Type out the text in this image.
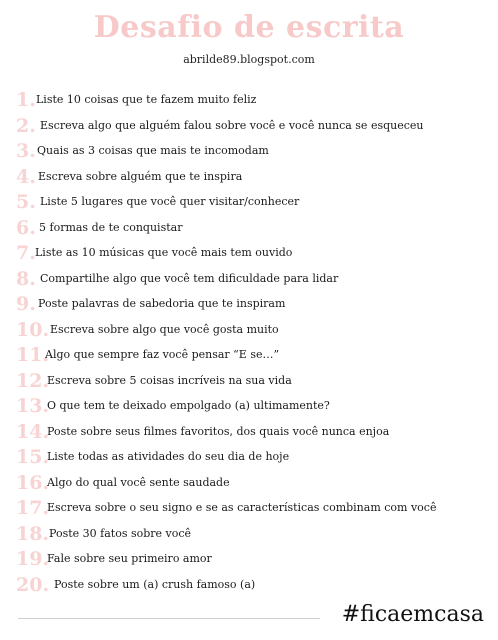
Desafio de escrita
abrilde89.blogspot.com
1. Liste 10 coisas que te fazem muito feliz
2. Escreva algo que alguém falou sobre você e você nunca se esqueceu
3. Quais as 3 coisas que mais te incomodam
4. Escreva sobre alguém que te inspira
5. Liste 5 lugares que você quer visitar/conhecer
6. 5 formas de te conquistar
7. Liste as 10 músicas que você mais tem ouvido
8. Compartilhe algo que você tem dificuldade para lidar
9. Poste palavras de sabedoria que te inspiram
10. Escreva sobre algo que você gosta muito
11.
Algo que sempre faz você pensar “E se…”
12.
Escreva sobre 5 coisas incríveis na sua vida
13.
O que tem te deixado empolgado (a) ultimamente?
14.
Poste sobre seus filmes favoritos, dos quais você nunca enjoa
15.
Liste todas as atividades do seu dia de hoje
16.
Algo do qual você sente saudade
17.
Escreva sobre o seu signo e se as características combinam com você
18. Poste 30 fatos sobre você
19.
Fale sobre seu primeiro amor
20. Poste sobre um (a) crush famoso (a)
#ficaemcasa
